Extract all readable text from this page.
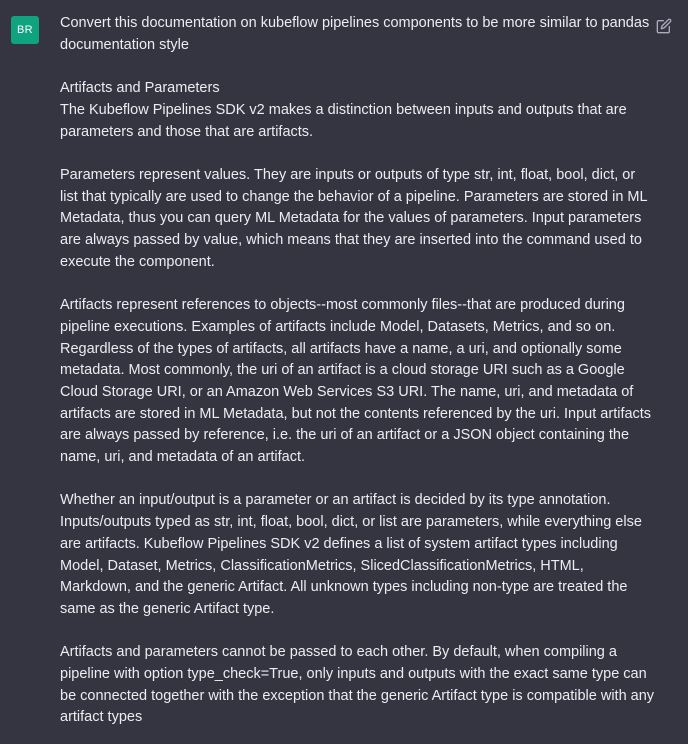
BR Convert this documentation on kubeflow pipelines components to be more similar to pandas documentation style

Artifacts and Parameters
The Kubeflow Pipelines SDK v2 makes a distinction between inputs and outputs that are parameters and those that are artifacts.

Parameters represent values. They are inputs or outputs of type str, int, float, bool, dict, or list that typically are used to change the behavior of a pipeline. Parameters are stored in ML Metadata, thus you can query ML Metadata for the values of parameters. Input parameters are always passed by value, which means that they are inserted into the command used to execute the component.

Artifacts represent references to objects--most commonly files--that are produced during pipeline executions. Examples of artifacts include Model, Datasets, Metrics, and so on. Regardless of the types of artifacts, all artifacts have a name, a uri, and optionally some metadata. Most commonly, the uri of an artifact is a cloud storage URI such as a Google Cloud Storage URI, or an Amazon Web Services S3 URI. The name, uri, and metadata of artifacts are stored in ML Metadata, but not the contents referenced by the uri. Input artifacts are always passed by reference, i.e. the uri of an artifact or a JSON object containing the name, uri, and metadata of an artifact.

Whether an input/output is a parameter or an artifact is decided by its type annotation. Inputs/outputs typed as str, int, float, bool, dict, or list are parameters, while everything else are artifacts. Kubeflow Pipelines SDK v2 defines a list of system artifact types including Model, Dataset, Metrics, ClassificationMetrics, SlicedClassificationMetrics, HTML, Markdown, and the generic Artifact. All unknown types including non-type are treated the same as the generic Artifact type.

Artifacts and parameters cannot be passed to each other. By default, when compiling a pipeline with option type_check=True, only inputs and outputs with the exact same type can be connected together with the exception that the generic Artifact type is compatible with any artifact types
